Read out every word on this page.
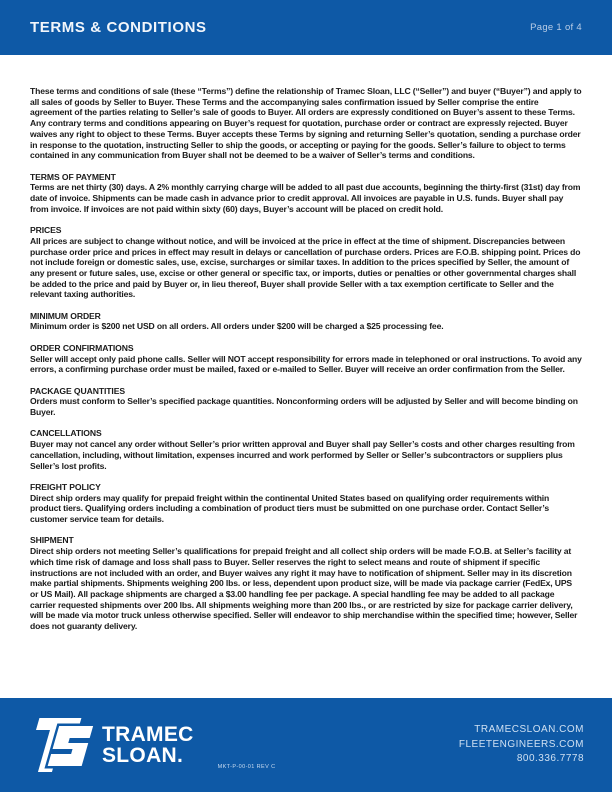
TERMS & CONDITIONS	Page 1 of 4

These terms and conditions of sale (these “Terms”) define the relationship of Tramec Sloan, LLC (“Seller”) and buyer (“Buyer”) and apply to all sales of goods by Seller to Buyer. These Terms and the accompanying sales confirmation issued by Seller comprise the entire agreement of the parties relating to Seller’s sale of goods to Buyer. All orders are expressly conditioned on Buyer’s assent to these Terms. Any contrary terms and conditions appearing on Buyer’s request for quotation, purchase order or contract are expressly rejected. Buyer waives any right to object to these Terms. Buyer accepts these Terms by signing and returning Seller’s quotation, sending a purchase order in response to the quotation, instructing Seller to ship the goods, or accepting or paying for the goods. Seller’s failure to object to terms contained in any communication from Buyer shall not be deemed to be a waiver of Seller’s terms and conditions.

TERMS OF PAYMENT

Terms are net thirty (30) days. A 2% monthly carrying charge will be added to all past due accounts, beginning the thirty-first (31st) day from date of invoice. Shipments can be made cash in advance prior to credit approval. All invoices are payable in U.S. funds. Buyer shall pay from invoice. If invoices are not paid within sixty (60) days, Buyer’s account will be placed on credit hold.

PRICES

All prices are subject to change without notice, and will be invoiced at the price in effect at the time of shipment. Discrepancies between purchase order price and prices in effect may result in delays or cancellation of purchase orders. Prices are F.O.B. shipping point. Prices do not include foreign or domestic sales, use, excise, surcharges or similar taxes. In addition to the prices specified by Seller, the amount of any present or future sales, use, excise or other general or specific tax, or imports, duties or penalties or other governmental charges shall be added to the price and paid by Buyer or, in lieu thereof, Buyer shall provide Seller with a tax exemption certificate to Seller and the relevant taxing authorities.

MINIMUM ORDER

Minimum order is $200 net USD on all orders. All orders under $200 will be charged a $25 processing fee.

ORDER CONFIRMATIONS

Seller will accept only paid phone calls. Seller will NOT accept responsibility for errors made in telephoned or oral instructions. To avoid any errors, a confirming purchase order must be mailed, faxed or e-mailed to Seller. Buyer will receive an order confirmation from the Seller.

PACKAGE QUANTITIES

Orders must conform to Seller’s specified package quantities. Nonconforming orders will be adjusted by Seller and will become binding on Buyer.

CANCELLATIONS

Buyer may not cancel any order without Seller’s prior written approval and Buyer shall pay Seller’s costs and other charges resulting from cancellation, including, without limitation, expenses incurred and work performed by Seller or Seller’s subcontractors or suppliers plus Seller’s lost profits.

FREIGHT POLICY

Direct ship orders may qualify for prepaid freight within the continental United States based on qualifying order requirements within product tiers. Qualifying orders including a combination of product tiers must be submitted on one purchase order. Contact Seller’s customer service team for details.

SHIPMENT

Direct ship orders not meeting Seller’s qualifications for prepaid freight and all collect ship orders will be made F.O.B. at Seller’s facility at which time risk of damage and loss shall pass to Buyer. Seller reserves the right to select means and route of shipment if specific instructions are not included with an order, and Buyer waives any right it may have to notification of shipment. Seller may in its discretion make partial shipments. Shipments weighing 200 lbs. or less, dependent upon product size, will be made via package carrier (FedEx, UPS or US Mail). All package shipments are charged a $3.00 handling fee per package. A special handling fee may be added to all package carrier requested shipments over 200 lbs. All shipments weighing more than 200 lbs., or are restricted by size for package carrier delivery, will be made via motor truck unless otherwise specified. Seller will endeavor to ship merchandise within the specified time; however, Seller does not guaranty delivery.

TRAMEC
SLOAN.	MKT-P-00-01 REV C
TRAMECSLOAN.COM
FLEETENGINEERS.COM
800.336.7778
